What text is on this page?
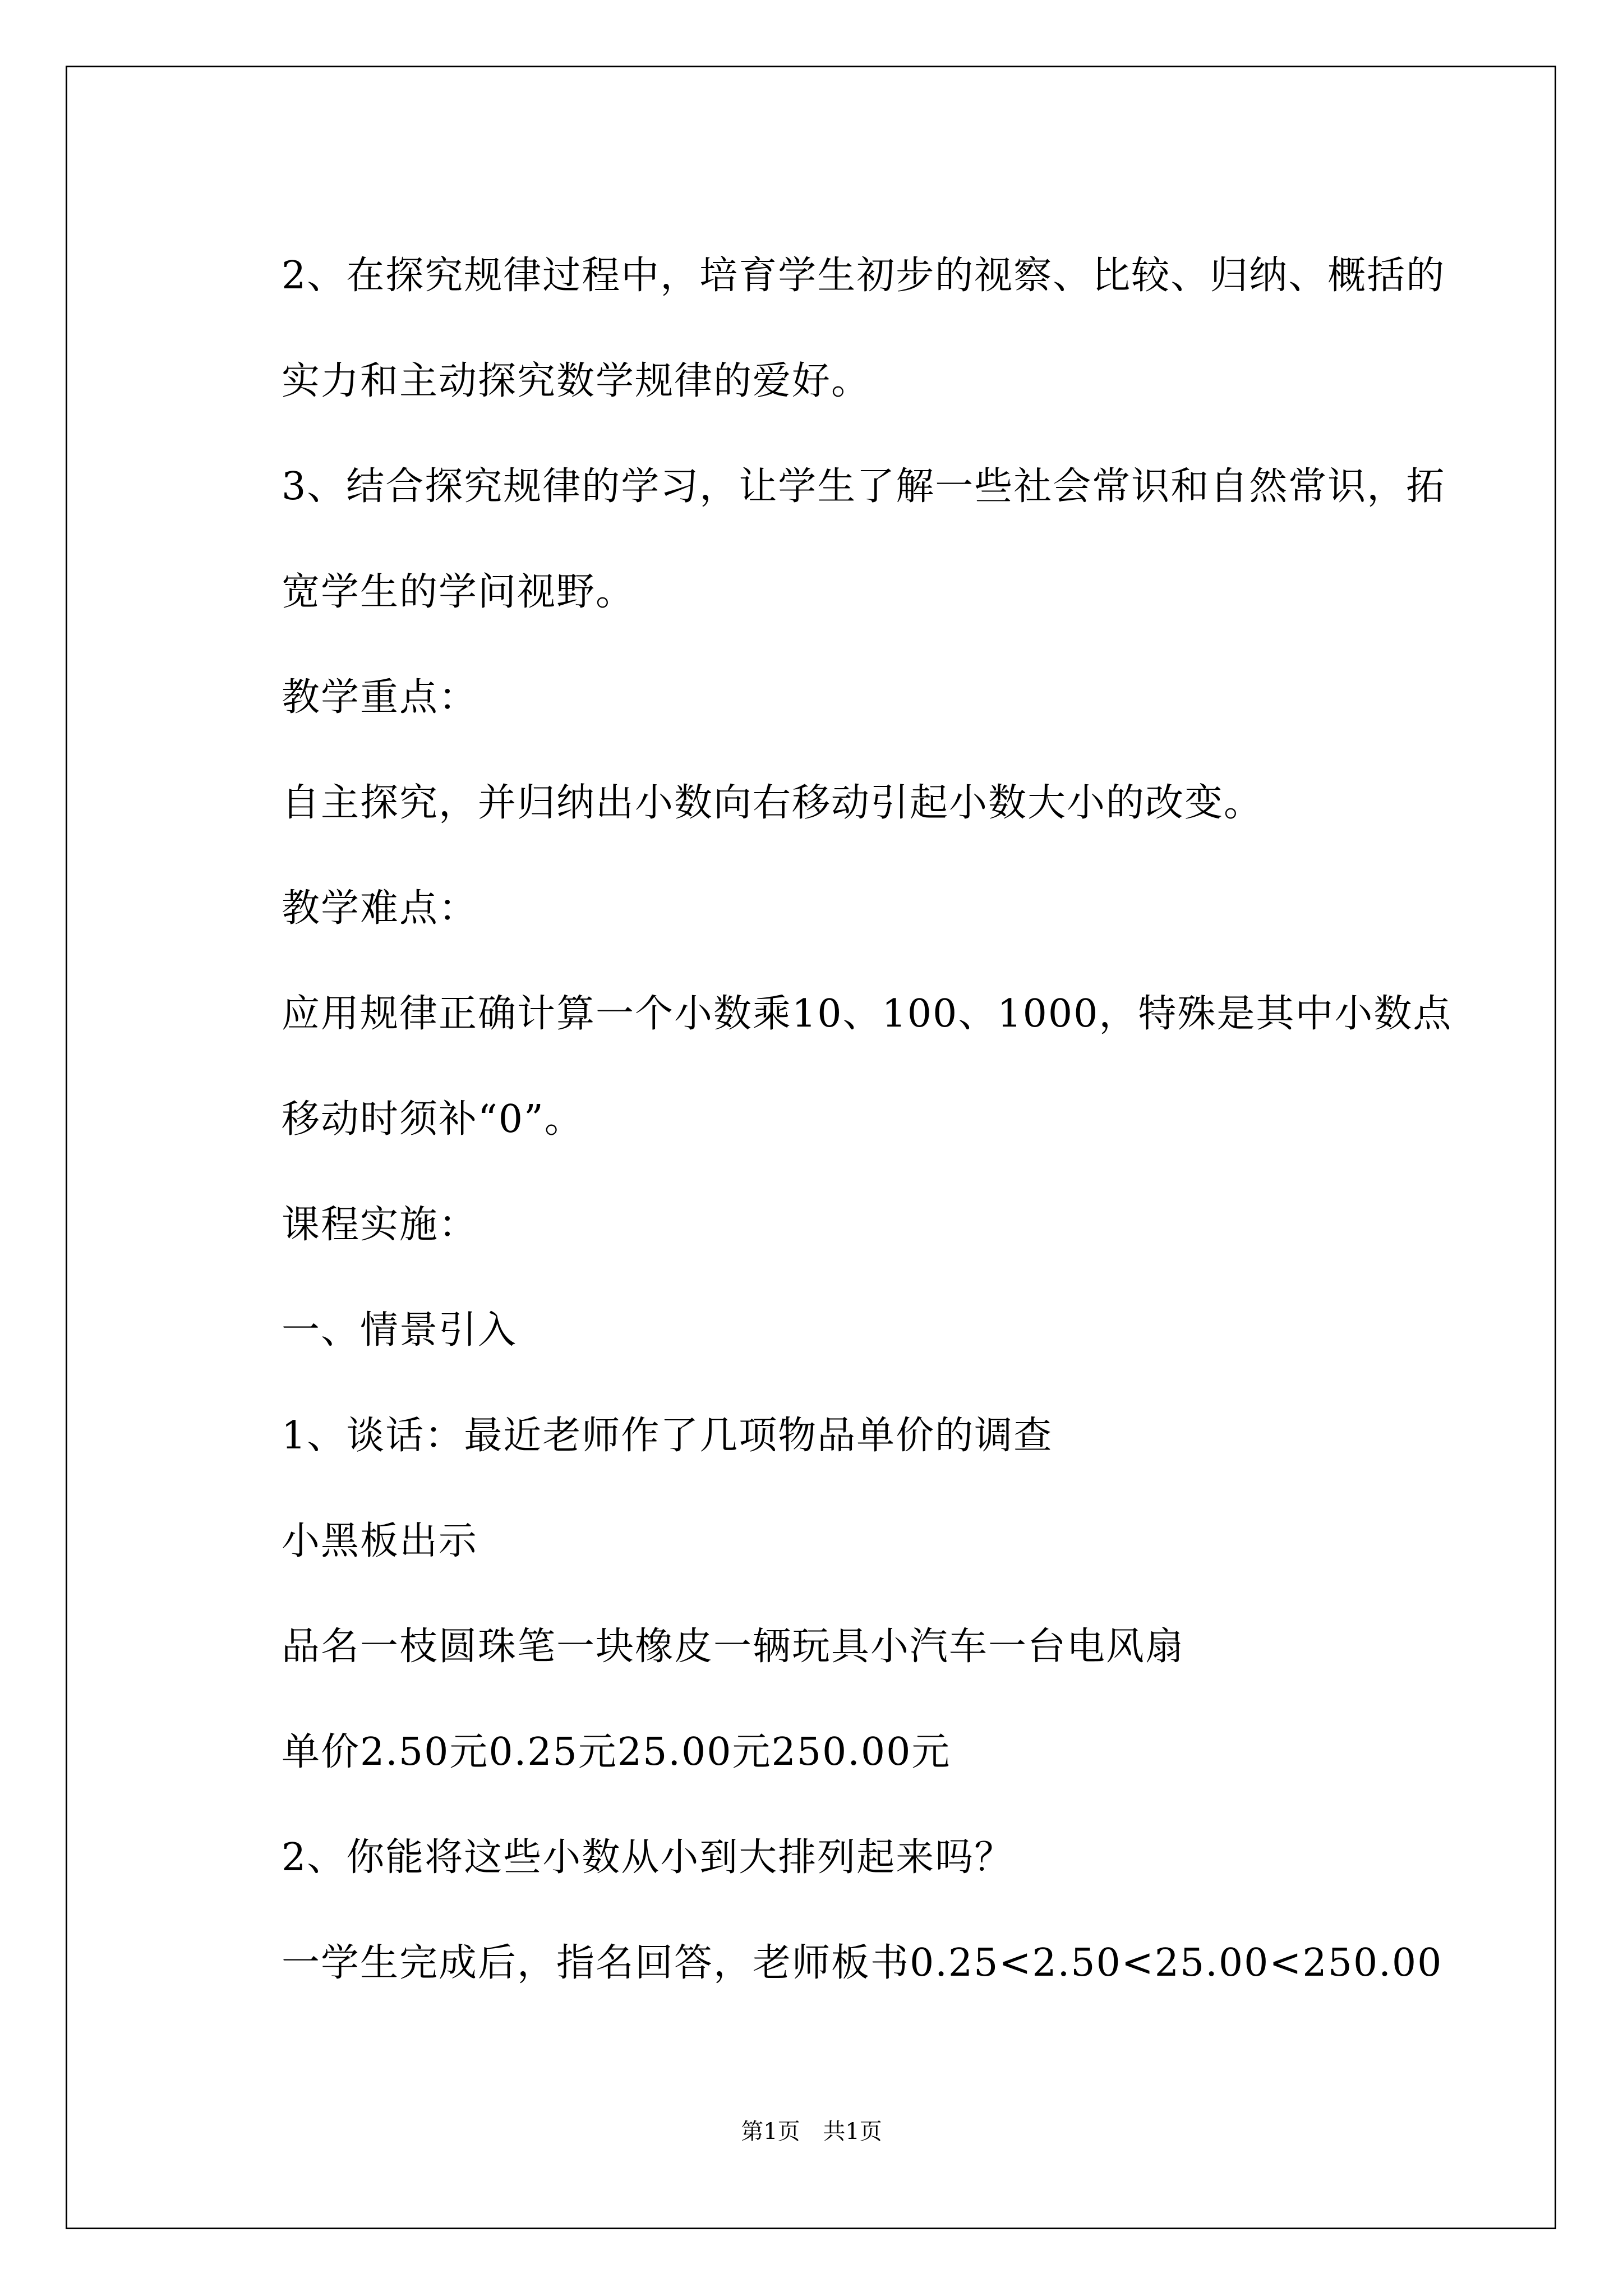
2、在探究规律过程中，培育学生初步的视察、比较、归纳、概括的实力和主动探究数学规律的爱好。

3、结合探究规律的学习，让学生了解一些社会常识和自然常识，拓宽学生的学问视野。

教学重点：

自主探究，并归纳出小数向右移动引起小数大小的改变。

教学难点：

应用规律正确计算一个小数乘10、100、1000，特殊是其中小数点移动时须补“0”。

课程实施：

一、情景引入

1、谈话：最近老师作了几项物品单价的调查

小黑板出示

品名一枝圆珠笔一块橡皮一辆玩具小汽车一台电风扇

单价2.50元0.25元25.00元250.00元

2、你能将这些小数从小到大排列起来吗？

一学生完成后，指名回答，老师板书0.25<2.50<25.00<250.00

第1页 共1页
